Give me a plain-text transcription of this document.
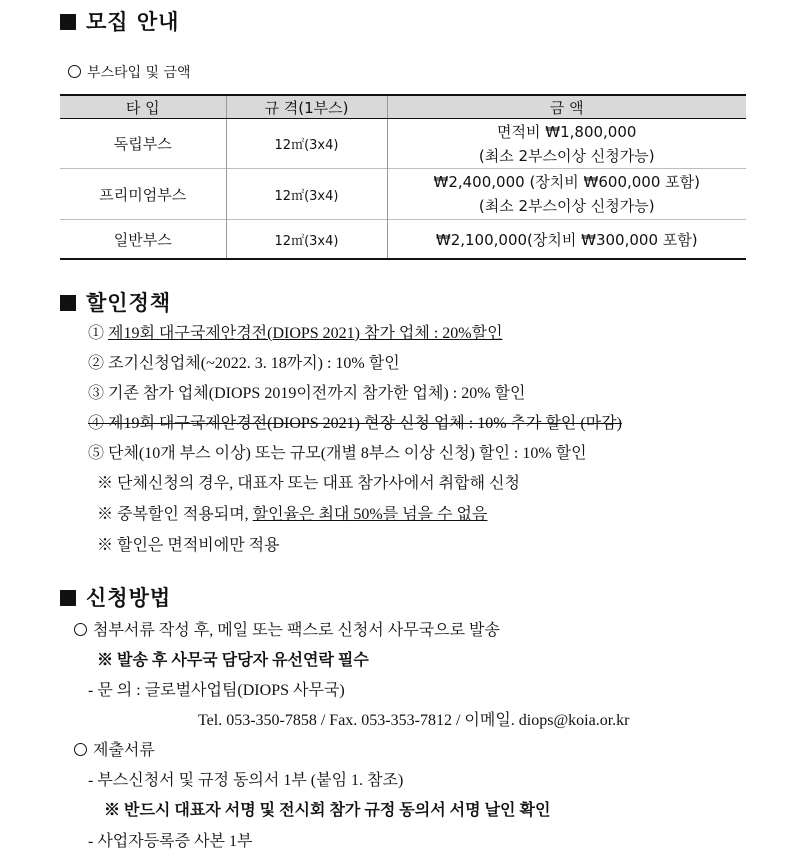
모집 안내
부스타입 및 금액
타 입	규 격(1부스)	금 액
독립부스	12㎡(3x4)	면적비 ₩1,800,000
(최소 2부스이상 신청가능)

프리미엄부스	12㎡(3x4)	₩2,400,000 (장치비 ₩600,000 포함)
(최소 2부스이상 신청가능)

일반부스	12㎡(3x4)	₩2,100,000(장치비 ₩300,000 포함)
할인정책
① 제19회 대구국제안경전(DIOPS 2021) 참가 업체 : 20%할인
② 조기신청업체(~2022. 3. 18까지) : 10% 할인
③ 기존 참가 업체(DIOPS 2019이전까지 참가한 업체) : 20% 할인
④ 제19회 대구국제안경전(DIOPS 2021) 현장 신청 업체 : 10% 추가 할인 (마감)
⑤ 단체(10개 부스 이상) 또는 규모(개별 8부스 이상 신청) 할인 : 10% 할인
※ 단체신청의 경우, 대표자 또는 대표 참가사에서 취합해 신청
※ 중복할인 적용되며, 할인율은 최대 50%를 넘을 수 없음
※ 할인은 면적비에만 적용
신청방법
첨부서류 작성 후, 메일 또는 팩스로 신청서 사무국으로 발송
※ 발송 후 사무국 담당자 유선연락 필수
- 문 의 : 글로벌사업팀(DIOPS 사무국)
Tel. 053-350-7858 / Fax. 053-353-7812 / 이메일. diops@koia.or.kr
제출서류
- 부스신청서 및 규정 동의서 1부 (붙임 1. 참조)
※ 반드시 대표자 서명 및 전시회 참가 규정 동의서 서명 날인 확인
- 사업자등록증 사본 1부
